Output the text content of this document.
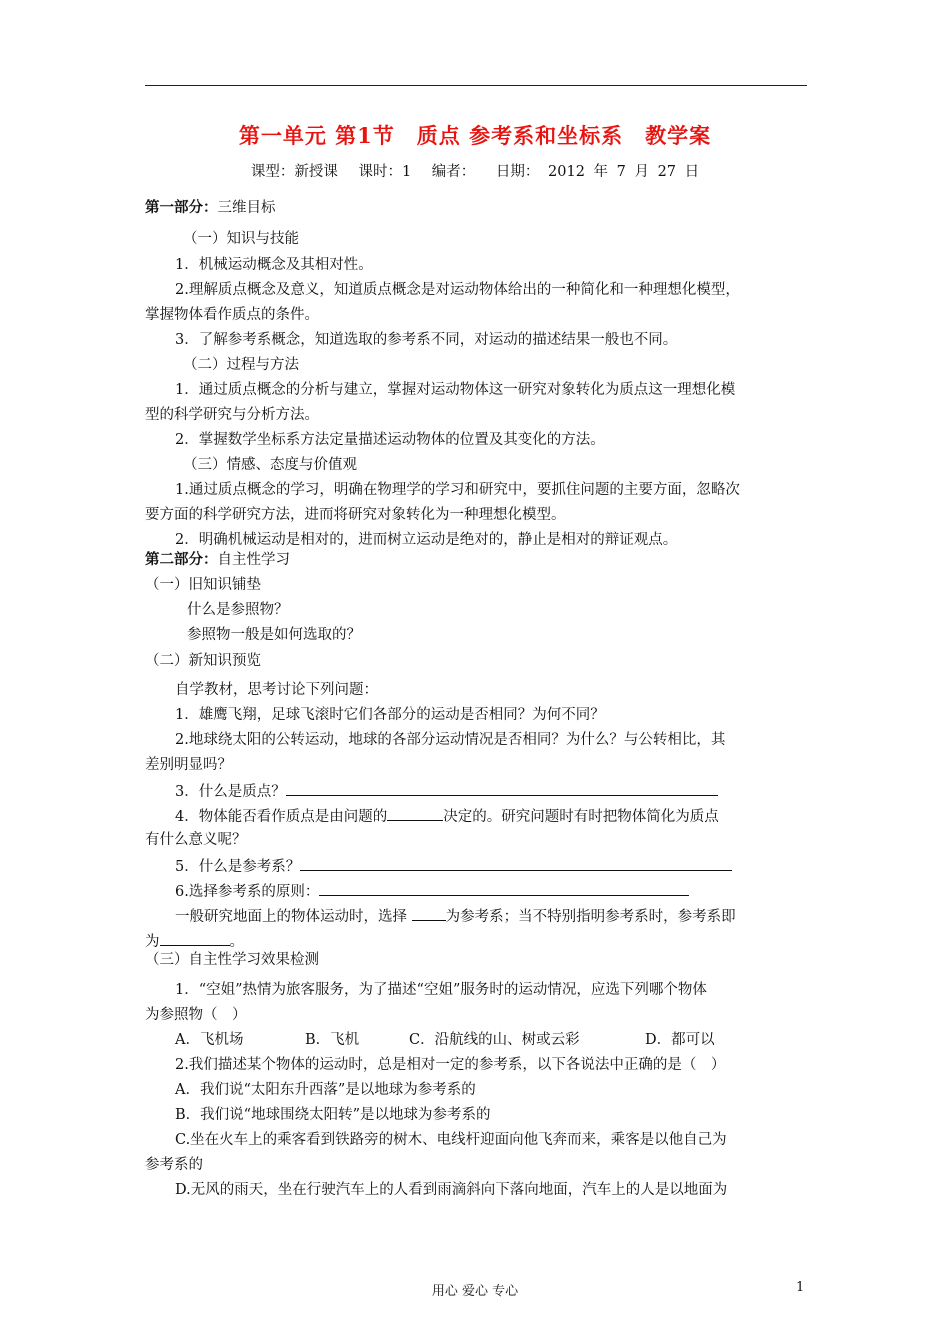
第一单元 第1节　质点 参考系和坐标系　教学案
课型：新授课 课时：1 编者： 日期： 2012 年 7 月 27 日
第一部分：三维目标
（一）知识与技能
1．机械运动概念及其相对性。
2.理解质点概念及意义，知道质点概念是对运动物体给出的一种简化和一种理想化模型，
掌握物体看作质点的条件。
3．了解参考系概念，知道选取的参考系不同，对运动的描述结果一般也不同。
（二）过程与方法
1．通过质点概念的分析与建立，掌握对运动物体这一研究对象转化为质点这一理想化模
型的科学研究与分析方法。
2．掌握数学坐标系方法定量描述运动物体的位置及其变化的方法。
（三）情感、态度与价值观
1.通过质点概念的学习，明确在物理学的学习和研究中，要抓住问题的主要方面，忽略次
要方面的科学研究方法，进而将研究对象转化为一种理想化模型。
2．明确机械运动是相对的，进而树立运动是绝对的，静止是相对的辩证观点。
第二部分：自主性学习
（一）旧知识铺垫
什么是参照物？
参照物一般是如何选取的？
（二）新知识预览
自学教材，思考讨论下列问题：
1．雄鹰飞翔，足球飞滚时它们各部分的运动是否相同？为何不同？
2.地球绕太阳的公转运动，地球的各部分运动情况是否相同？为什么？与公转相比，其
差别明显吗？
3．什么是质点？
4．物体能否看作质点是由问题的	决定的。研究问题时有时把物体简化为质点
有什么意义呢？
5．什么是参考系？
6.选择参考系的原则：
一般研究地面上的物体运动时，选择 为参考系；当不特别指明参考系时，参考系即
为	。
（三）自主性学习效果检测
1．“空姐”热情为旅客服务，为了描述“空姐”服务时的运动情况，应选下列哪个物体
为参照物（　）
A．飞机场	B．飞机	C．沿航线的山、树或云彩	D．都可以
2.我们描述某个物体的运动时，总是相对一定的参考系，以下各说法中正确的是（　）
A．我们说“太阳东升西落”是以地球为参考系的
B．我们说“地球围绕太阳转”是以地球为参考系的
C.坐在火车上的乘客看到铁路旁的树木、电线杆迎面向他飞奔而来，乘客是以他自己为
参考系的
D.无风的雨天，坐在行驶汽车上的人看到雨滴斜向下落向地面，汽车上的人是以地面为
用心 爱心 专心	1
